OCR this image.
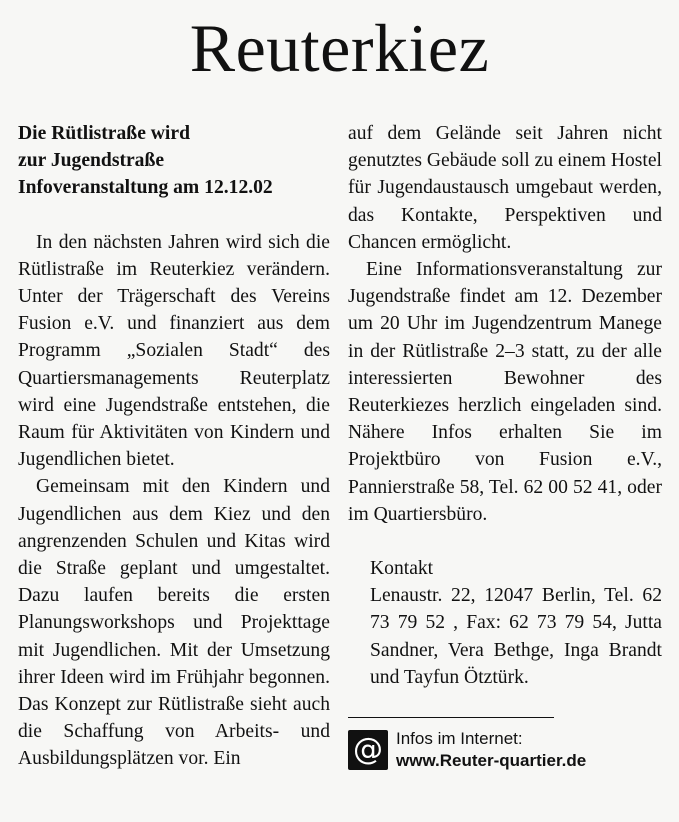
Reuterkiez
Die Rütlistraße wird
zur Jugendstraße
Infoveranstaltung am 12.12.02

In den nächsten Jahren wird sich die Rütlistraße im Reuterkiez verändern. Unter der Trägerschaft des Vereins Fusion e.V. und finanziert aus dem Programm „Sozialen Stadt“ des Quartiersmanagements Reuterplatz wird eine Jugendstraße entstehen, die Raum für Aktivitäten von Kindern und Jugendlichen bietet.

Gemeinsam mit den Kindern und Jugendlichen aus dem Kiez und den angrenzenden Schulen und Kitas wird die Straße geplant und umgestaltet. Dazu laufen bereits die ersten Planungsworkshops und Projekttage mit Jugendlichen. Mit der Umsetzung ihrer Ideen wird im Frühjahr begonnen. Das Konzept zur Rütlistraße sieht auch die Schaffung von Arbeits- und Ausbildungsplätzen vor. Ein

auf dem Gelände seit Jahren nicht genutztes Gebäude soll zu einem Hostel für Jugendaustausch umgebaut werden, das Kontakte, Perspektiven und Chancen ermöglicht.

Eine Informationsveranstaltung zur Jugendstraße findet am 12. Dezember um 20 Uhr im Jugendzentrum Manege in der Rütlistraße 2–3 statt, zu der alle interessierten Bewohner des Reuterkiezes herzlich eingeladen sind. Nähere Infos erhalten Sie im Projektbüro von Fusion e.V., Pannierstraße 58, Tel. 62 00 52 41, oder im Quartiersbüro.

Kontakt

Lenaustr. 22, 12047 Berlin, Tel. 62 73 79 52 , Fax: 62 73 79 54, Jutta Sandner, Vera Bethge, Inga Brandt und Tayfun Ötztürk.

@ Infos im Internet:
www.Reuter-quartier.de
